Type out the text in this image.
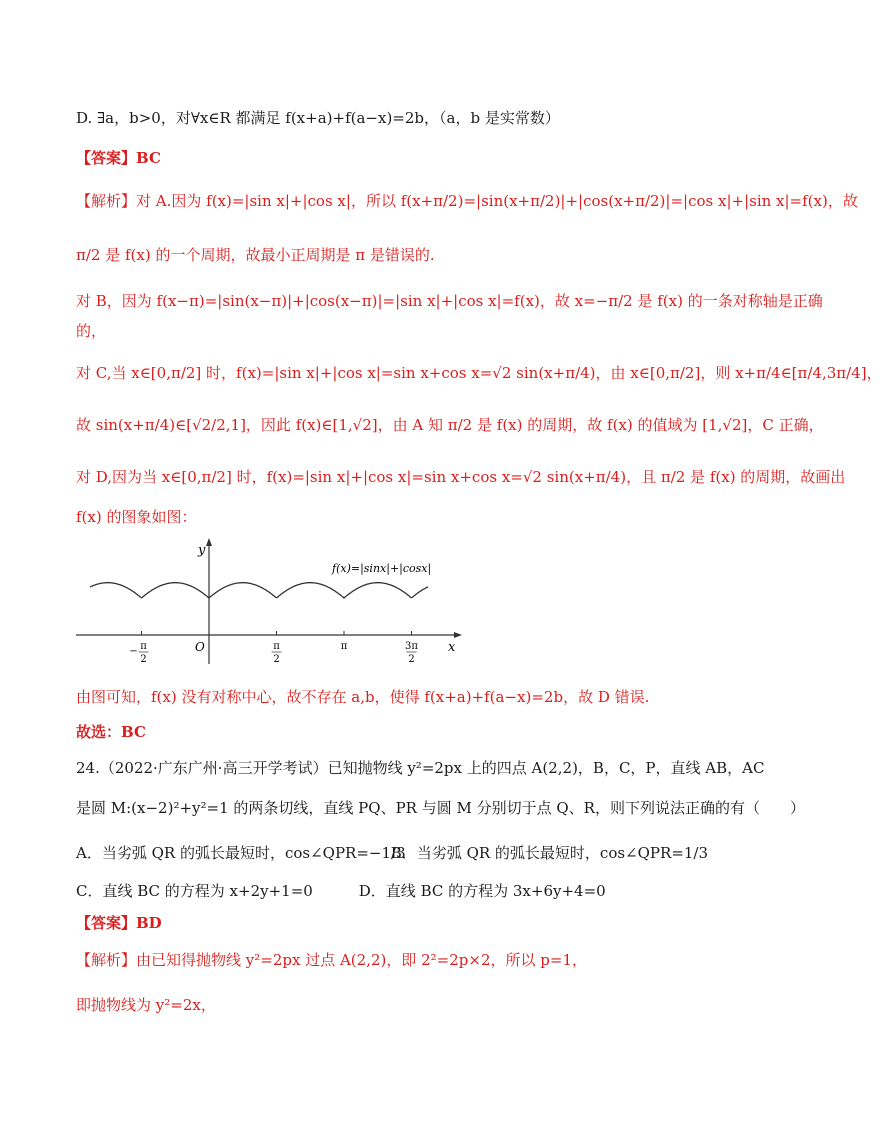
D. ∃a，b>0，对∀x∈R 都满足 f(x+a)+f(a−x)=2b，（a，b 是实常数）
【答案】BC
【解析】对 A.因为 f(x)=|sin x|+|cos x|，所以 f(x+π/2)=|sin(x+π/2)|+|cos(x+π/2)|=|cos x|+|sin x|=f(x)，故
π/2 是 f(x) 的一个周期，故最小正周期是 π 是错误的.
对 B，因为 f(x−π)=|sin(x−π)|+|cos(x−π)|=|sin x|+|cos x|=f(x)，故 x=−π/2 是 f(x) 的一条对称轴是正确
的，
对 C,当 x∈[0,π/2] 时，f(x)=|sin x|+|cos x|=sin x+cos x=√2 sin(x+π/4)，由 x∈[0,π/2]，则 x+π/4∈[π/4,3π/4]，
故 sin(x+π/4)∈[√2/2,1]，因此 f(x)∈[1,√2]，由 A 知 π/2 是 f(x) 的周期，故 f(x) 的值域为 [1,√2]，C 正确，
对 D,因为当 x∈[0,π/2] 时，f(x)=|sin x|+|cos x|=sin x+cos x=√2 sin(x+π/4)，且 π/2 是 f(x) 的周期，故画出
f(x) 的图象如图：
π
−
2
π
2
π	3π
2
y
x
O
f(x)=|sinx|+|cosx|
由图可知，f(x) 没有对称中心，故不存在 a,b，使得 f(x+a)+f(a−x)=2b，故 D 错误.
故选：BC
24.（2022·广东广州·高三开学考试）已知抛物线 y²=2px 上的四点 A(2,2)，B，C，P，直线 AB，AC
是圆 M:(x−2)²+y²=1 的两条切线，直线 PQ、PR 与圆 M 分别切于点 Q、R，则下列说法正确的有（　　）
A．当劣弧 QR 的弧长最短时，cos∠QPR=−1/3 B．当劣弧 QR 的弧长最短时，cos∠QPR=1/3
C．直线 BC 的方程为 x+2y+1=0	D．直线 BC 的方程为 3x+6y+4=0
【答案】BD
【解析】由已知得抛物线 y²=2px 过点 A(2,2)，即 2²=2p×2，所以 p=1，
即抛物线为 y²=2x，
